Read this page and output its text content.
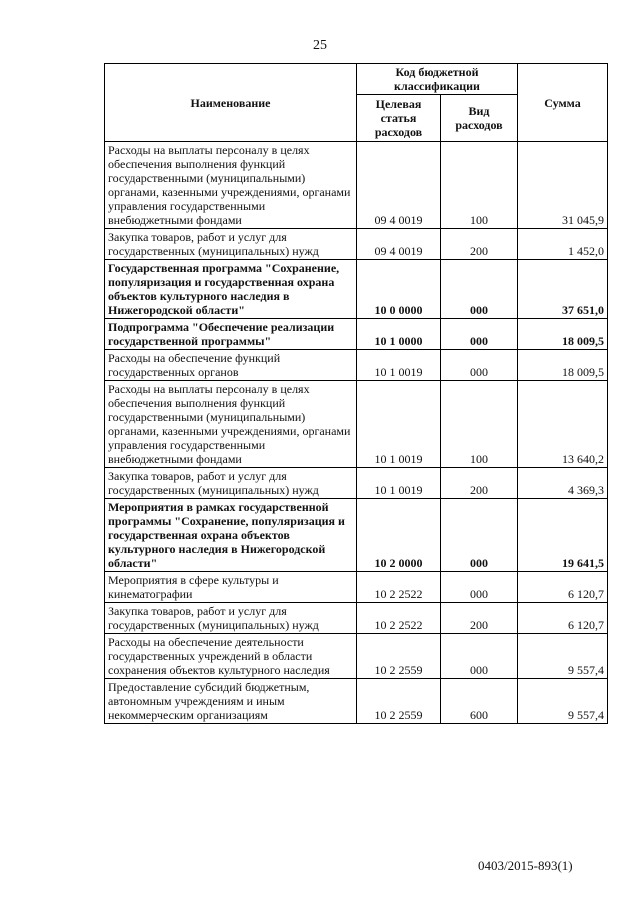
25
Наименование	Код бюджетной классификации		Сумма
	Целевая статья расходов	Вид расходов	
Расходы на выплаты персоналу в целях обеспечения выполнения функций государственными (муниципальными) органами, казенными учреждениями, органами управления государственными внебюджетными фондами	09 4 0019	100	31 045,9
Закупка товаров, работ и услуг для государственных (муниципальных) нужд	09 4 0019	200	1 452,0
Государственная программа "Сохранение, популяризация и государственная охрана объектов культурного наследия в Нижегородской области"	10 0 0000	000	37 651,0
Подпрограмма "Обеспечение реализации государственной программы"	10 1 0000	000	18 009,5
Расходы на обеспечение функций государственных органов	10 1 0019	000	18 009,5
Расходы на выплаты персоналу в целях обеспечения выполнения функций государственными (муниципальными) органами, казенными учреждениями, органами управления государственными внебюджетными фондами	10 1 0019	100	13 640,2
Закупка товаров, работ и услуг для государственных (муниципальных) нужд	10 1 0019	200	4 369,3
Мероприятия в рамках государственной программы "Сохранение, популяризация и государственная охрана объектов культурного наследия в Нижегородской области"	10 2 0000	000	19 641,5
Мероприятия в сфере культуры и кинематографии	10 2 2522	000	6 120,7
Закупка товаров, работ и услуг для государственных (муниципальных) нужд	10 2 2522	200	6 120,7
Расходы на обеспечение деятельности государственных учреждений в области сохранения объектов культурного наследия	10 2 2559	000	9 557,4
Предоставление субсидий бюджетным, автономным учреждениям и иным некоммерческим организациям	10 2 2559	600	9 557,4
0403/2015-893(1)
